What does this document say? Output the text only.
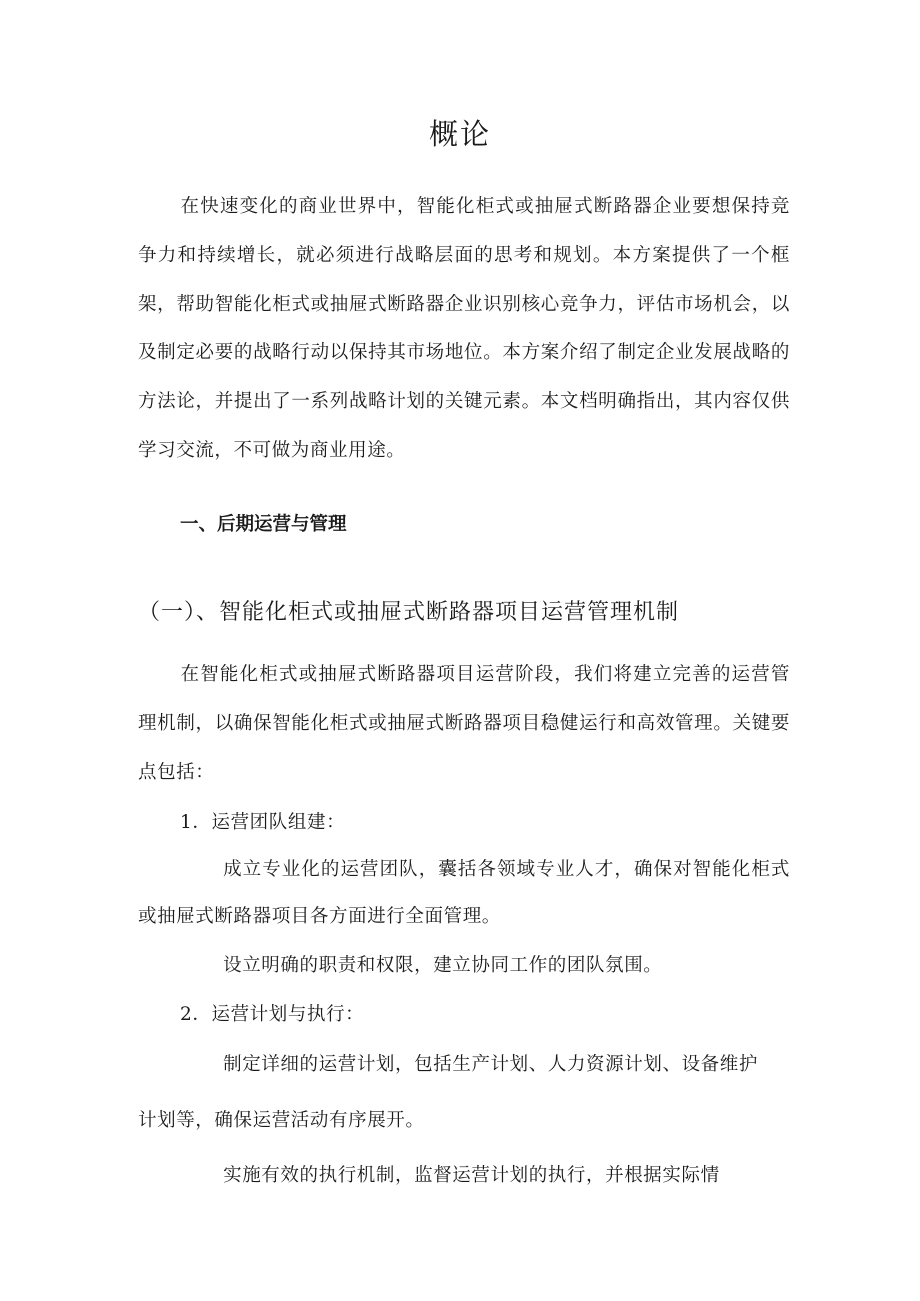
概论

在快速变化的商业世界中，智能化柜式或抽屉式断路器企业要想保持竞争力和持续增长，就必须进行战略层面的思考和规划。本方案提供了一个框架，帮助智能化柜式或抽屉式断路器企业识别核心竞争力，评估市场机会，以及制定必要的战略行动以保持其市场地位。本方案介绍了制定企业发展战略的方法论，并提出了一系列战略计划的关键元素。本文档明确指出，其内容仅供学习交流，不可做为商业用途。

一、后期运营与管理
（一）、智能化柜式或抽屉式断路器项目运营管理机制

在智能化柜式或抽屉式断路器项目运营阶段，我们将建立完善的运营管理机制，以确保智能化柜式或抽屉式断路器项目稳健运行和高效管理。关键要点包括：

1．运营团队组建：

成立专业化的运营团队，囊括各领域专业人才，确保对智能化柜式或抽屉式断路器项目各方面进行全面管理。

设立明确的职责和权限，建立协同工作的团队氛围。

2．运营计划与执行：

制定详细的运营计划，包括生产计划、人力资源计划、设备维护计划等，确保运营活动有序展开。

实施有效的执行机制，监督运营计划的执行，并根据实际情
